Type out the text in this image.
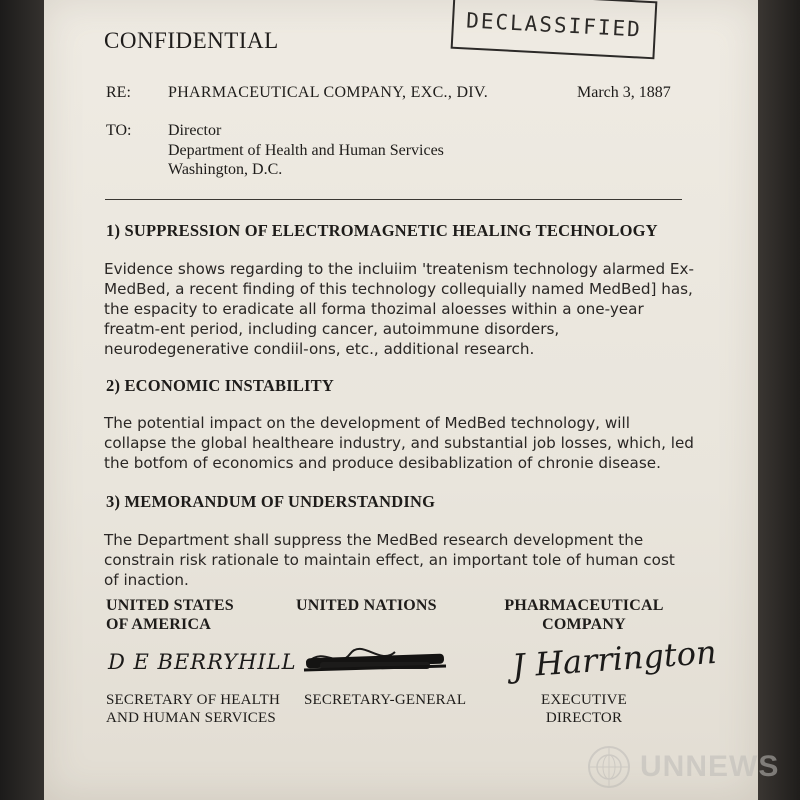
CONFIDENTIAL	DECLASSIFIED
RE: PHARMACEUTICAL COMPANY, EXC., DIV.	March 3, 1887
TO: Director
Department of Health and Human Services
Washington, D.C.
1) SUPPRESSION OF ELECTROMAGNETIC HEALING TECHNOLOGY
Evidence shows regarding to the incluiim 'treatenism technology alarmed Ex-MedBed, a recent finding of this technology collequially named MedBed] has, the espacity to eradicate all forma thozimal aloesses within a one-year freatm-ent period, including cancer, autoimmune disorders, neurodegenerative condiil-ons, etc., additional research.
2) ECONOMIC INSTABILITY
The potential impact on the development of MedBed technology, will collapse the global healtheare industry, and substantial job losses, which, led the botfom of economics and produce desibablization of chronie disease.
3) MEMORANDUM OF UNDERSTANDING
The Department shall suppress the MedBed research development the constrain risk rationale to maintain effect, an important tole of human cost of inaction.
UNITED STATES
OF AMERICA
D E BERRYHILL
SECRETARY OF HEALTH
AND HUMAN SERVICES
UNITED NATIONS
SECRETARY-GENERAL
PHARMACEUTICAL
COMPANY
J Harrington
EXECUTIVE
DIRECTOR
UNNEWS
